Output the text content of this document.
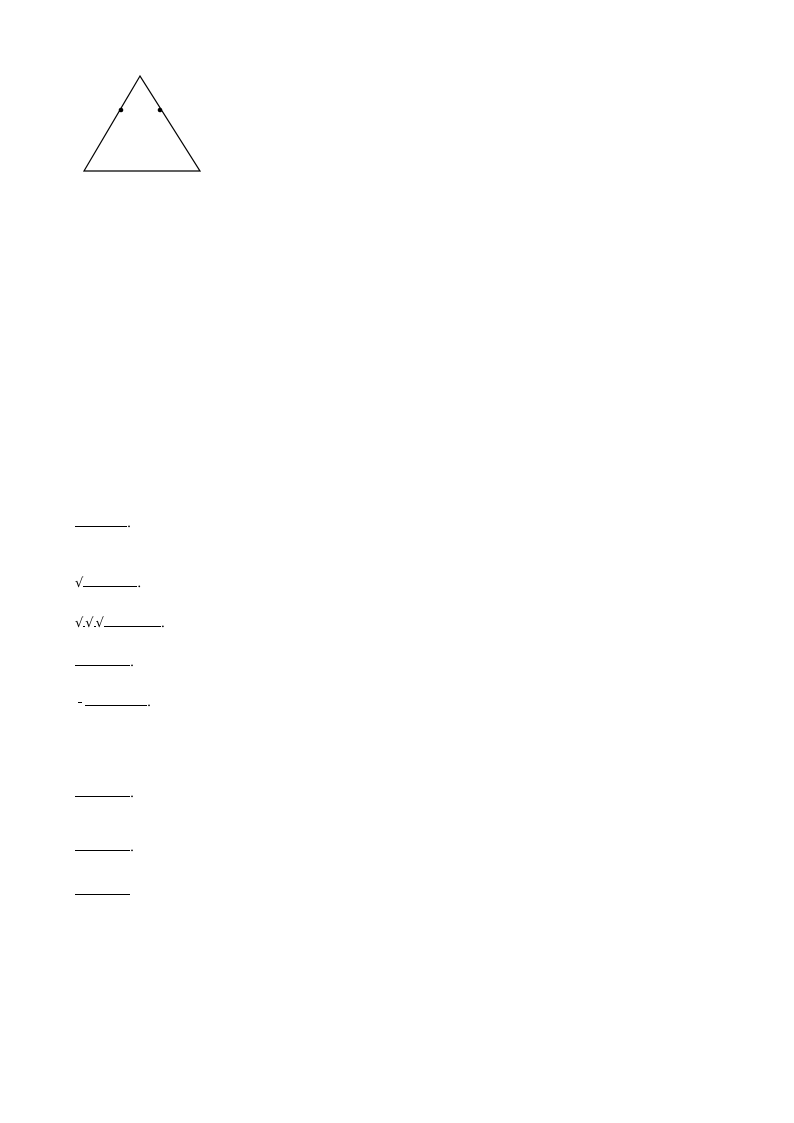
．
√	．
√ √ √	．
．
．
．
．
